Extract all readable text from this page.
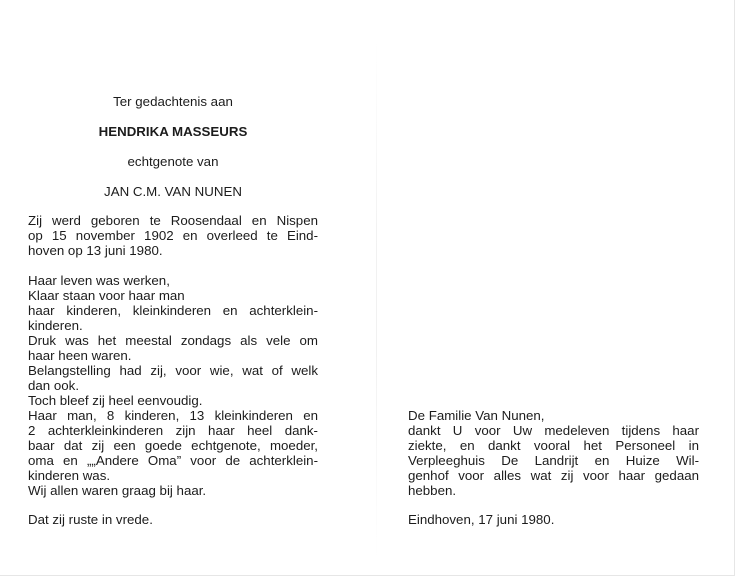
Ter gedachtenis aan
HENDRIKA MASSEURS
echtgenote van
JAN C.M. VAN NUNEN
Zij werd geboren te Roosendaal en Nispen
op 15 november 1902 en overleed te Eind-
hoven op 13 juni 1980.
Haar leven was werken,
Klaar staan voor haar man
haar kinderen, kleinkinderen en achterklein-
kinderen.
Druk was het meestal zondags als vele om
haar heen waren.
Belangstelling had zij, voor wie, wat of welk
dan ook.
Toch bleef zij heel eenvoudig.
Haar man, 8 kinderen, 13 kleinkinderen en
2 achterkleinkinderen zijn haar heel dank-
baar dat zij een goede echtgenote, moeder,
oma en „„Andere Oma” voor de achterklein-
kinderen was.
Wij allen waren graag bij haar.
Dat zij ruste in vrede.
De Familie Van Nunen,
dankt U voor Uw medeleven tijdens haar
ziekte, en dankt vooral het Personeel in
Verpleeghuis De Landrijt en Huize Wil-
genhof voor alles wat zij voor haar gedaan
hebben.
Eindhoven, 17 juni 1980.
